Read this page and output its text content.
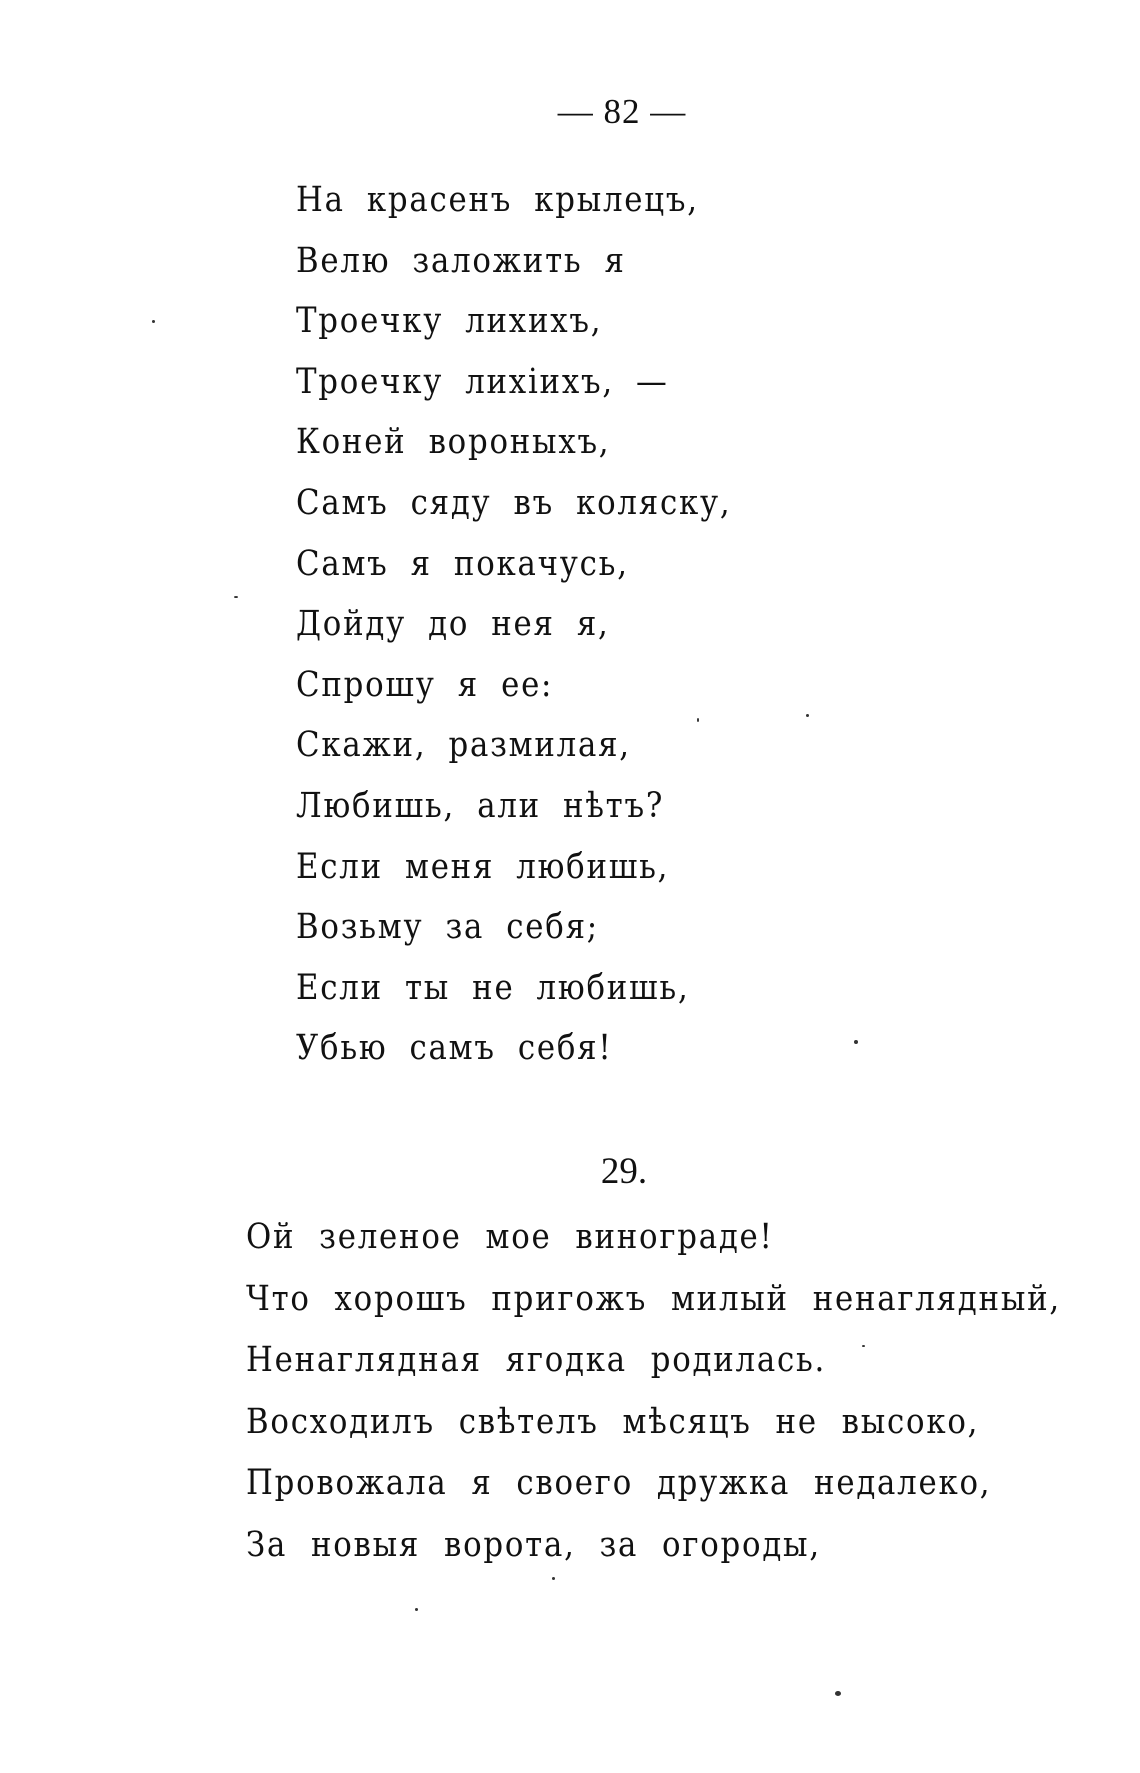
— 82 —
На красенъ крылецъ,
Велю заложить я
Троечку лихихъ,
Троечку лихiихъ, —
Коней вороныхъ,
Самъ сяду въ коляску,
Самъ я покачусь,
Дойду до нея я,
Спрошу я ее:
Скажи, размилая,
Любишь, али нѣтъ?
Если меня любишь,
Возьму за себя;
Если ты не любишь,
Убью самъ себя!
29.
Ой зеленое мое винограде!
Что хорошъ пригожъ милый ненаглядный,
Ненаглядная ягодка родилась.
Восходилъ свѣтелъ мѣсяцъ не высоко,
Провожала я своего дружка недалеко,
За новыя ворота, за огороды,
